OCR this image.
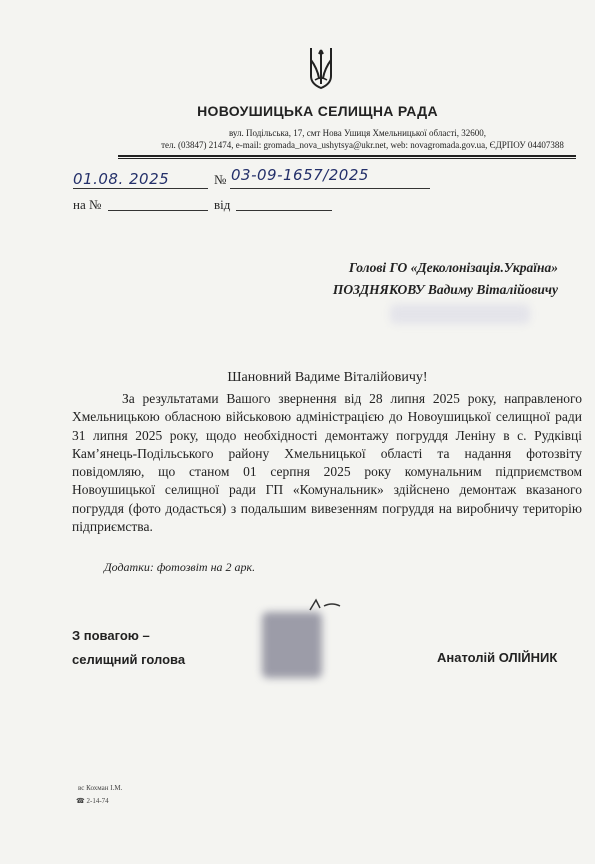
НОВОУШИЦЬКА СЕЛИЩНА РАДА
вул. Подільська, 17, смт Нова Ушиця Хмельницької області, 32600,
тел. (03847) 21474, e-mail: gromada_nova_ushytsya@ukr.net, web: novagromada.gov.ua, ЄДРПОУ 04407388
01.08. 2025	№ 03-09-1657/2025
на №	від
Голові ГО «Деколонізація.Україна»
ПОЗДНЯКОВУ Вадиму Віталійовичу
Шановний Вадиме Віталійовичу!

За результатами Вашого звернення від 28 липня 2025 року, направленого Хмельницькою обласною військовою адміністрацією до Новоушицької селищної ради 31 липня 2025 року, щодо необхідності демонтажу погруддя Леніну в с. Рудківці Кам’янець-Подільського району Хмельницької області та надання фотозвіту повідомляю, що станом 01 серпня 2025 року комунальним підприємством Новоушицької селищної ради ГП «Комунальник» здійснено демонтаж вказаного погруддя (фото додасться) з подальшим вивезенням погруддя на виробничу територію підприємства.

Додатки: фотозвіт на 2 арк.
З повагою –
селищний голова	Анатолій ОЛІЙНИК
вс Кохман І.М.
☎ 2-14-74
